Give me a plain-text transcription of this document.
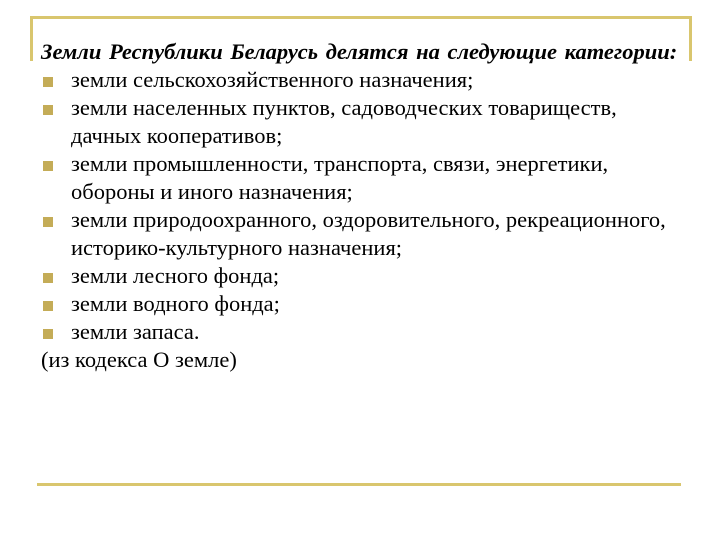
Земли Республики Беларусь делятся на следующие категории:

земли сельскохозяйственного назначения;
земли населенных пунктов, садоводческих товариществ, дачных кооперативов;
земли промышленности, транспорта, связи, энергетики, обороны и иного назначения;
земли природоохранного, оздоровительного, рекреационного, историко-культурного назначения;
земли лесного фонда;
земли водного фонда;
земли запаса.

(из кодекса О земле)
